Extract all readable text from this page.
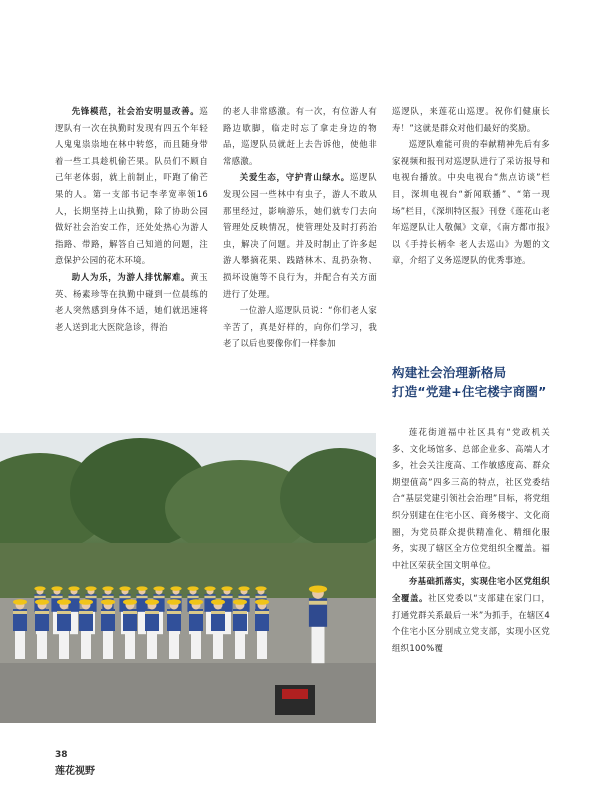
先锋模范，社会治安明显改善。巡逻队有一次在执勤时发现有四五个年轻人鬼鬼祟祟地在林中转悠，而且随身带着一些工具趁机偷芒果。队员们不顾自己年老体弱，就上前制止，吓跑了偷芒果的人。第一支部书记李孝宽率领16人，长期坚持上山执勤，除了协助公园做好社会治安工作，还处处热心为游人指路、带路，解答自己知道的问题，注意保护公园的花木环境。

助人为乐，为游人排忧解难。黄玉英、杨素珍等在执勤中碰到一位晨练的老人突然感到身体不适，她们就迅速将老人送到北大医院急诊，得治

的老人非常感激。有一次，有位游人有路边歇脚，临走时忘了拿走身边的物品，巡逻队员就赶上去告诉他，使他非常感激。

关爱生态，守护青山绿水。巡逻队发现公园一些林中有虫子，游人不敢从那里经过，影响游乐，她们就专门去向管理处反映情况，使管理处及时打药治虫，解决了问题。并及时制止了许多起游人攀摘花果、践踏林木、乱扔杂物、损坏设施等不良行为，并配合有关方面进行了处理。

一位游人巡逻队员说：“你们老人家辛苦了，真是好样的，向你们学习，我老了以后也要像你们一样参加

巡逻队，来莲花山巡逻。祝你们健康长寿！”这就是群众对他们最好的奖励。

巡逻队难能可贵的奉献精神先后有多家视频和报刊对巡逻队进行了采访报导和电视台播放。中央电视台“焦点访谈”栏目，深圳电视台“新闻联播”、“第一现场”栏目，《深圳特区报》刊登《莲花山老年巡逻队让人敬佩》文章，《南方都市报》以《手持长柄伞 老人去巡山》为题的文章，介绍了义务巡逻队的优秀事迹。

构建社会治理新格局
打造“党建+住宅楼宇商圈”

莲花街道福中社区具有“党政机关多、文化场馆多、总部企业多、高端人才多，社会关注度高、工作敏感度高、群众期望值高”四多三高的特点，社区党委结合“基层党建引领社会治理”目标，将党组织分别建在住宅小区、商务楼宇、文化商圈，为党员群众提供精准化、精细化服务，实现了辖区全方位党组织全覆盖。福中社区荣获全国文明单位。

夯基础抓落实，实现住宅小区党组织全覆盖。社区党委以“支部建在家门口，打通党群关系最后一米”为抓手，在辖区4个住宅小区分别成立党支部，实现小区党组织100%覆

38
莲花视野
